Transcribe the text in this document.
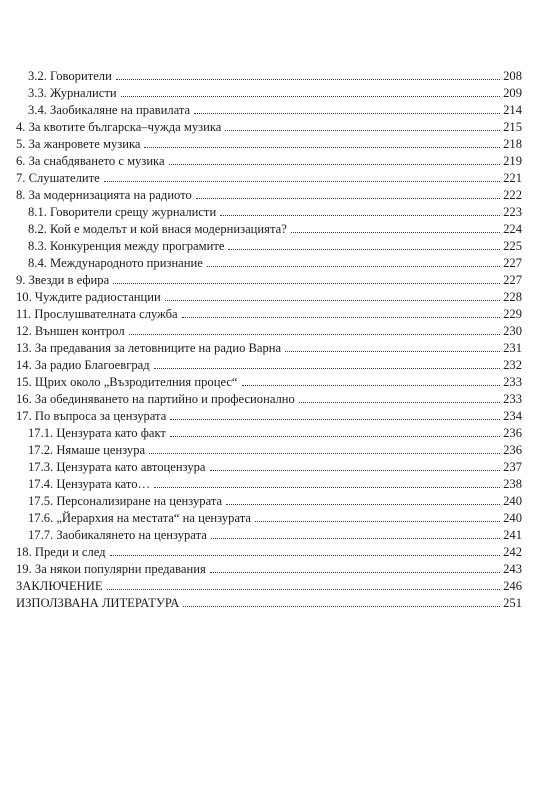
3.2. Говорители	208
3.3. Журналисти	209
3.4. Заобикаляне на правилата	214
4. За квотите българска–чужда музика	215
5. За жанровете музика	218
6. За снабдяването с музика	219
7. Слушателите	221
8. За модернизацията на радиото	222
8.1. Говорители срещу журналисти	223
8.2. Кой е моделът и кой внася модернизацията?	224
8.3. Конкуренция между програмите	225
8.4. Международното признание	227
9. Звезди в ефира	227
10. Чуждите радиостанции	228
11. Прослушвателната служба	229
12. Външен контрол	230
13. За предавания за летовниците на радио Варна	231
14. За радио Благоевград	232
15. Щрих около „Възродителния процес“	233
16. За обединяването на партийно и професионално	233
17. По въпроса за цензурата	234
17.1. Цензурата като факт	236
17.2. Нямаше цензура	236
17.3. Цензурата като автоцензура	237
17.4. Цензурата като…	238
17.5. Персонализиране на цензурата	240
17.6. „Йерархия на местата“ на цензурата	240
17.7. Заобикалянето на цензурата	241
18. Преди и след	242
19. За някои популярни предавания	243
ЗАКЛЮЧЕНИЕ	246
ИЗПОЛЗВАНА ЛИТЕРАТУРА	251
